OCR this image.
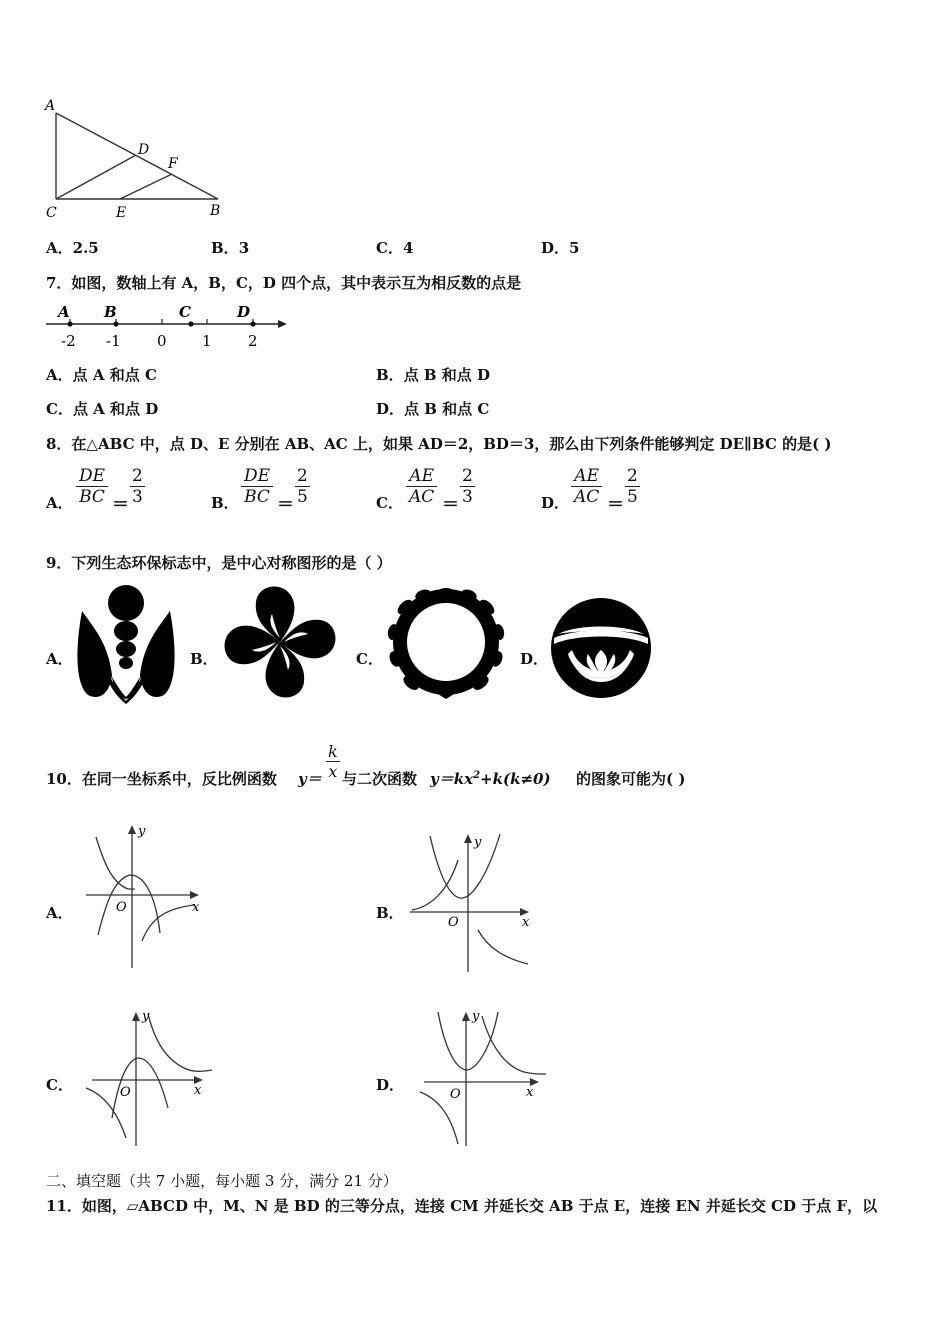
A
D
F
C	E	B
A．2.5	B．3	C．4	D．5
7．如图，数轴上有 A，B，C，D 四个点，其中表示互为相反数的点是
A B	C	D
-2 -1 0 1 2
A．点 A 和点 C	B．点 B 和点 D
C．点 A 和点 D	D．点 B 和点 C
8．在△ABC 中，点 D、E 分别在 AB、AC 上，如果 AD＝2，BD＝3，那么由下列条件能够判定 DE∥BC 的是( )
A． $\frac{DE}{BC} = \frac{2}{3}$	B． $\frac{DE}{BC} = \frac{2}{5}$	C． $\frac{AE}{AC} = \frac{2}{3}$	D． $\frac{AE}{AC} = \frac{2}{5}$
9．下列生态环保标志中，是中心对称图形的是（ ）
A．	B．	C．	D．
10．在同一坐标系中，反比例函数 $y= \frac{k}{x}$ 与二次函数 $y=kx^2+k(k\ne 0)$ 的图象可能为( )
A．
y
x
O	B．
y
x
O
C．
y
x
O	D．
y
x
O
二、填空题（共 7 小题，每小题 3 分，满分 21 分）
11．如图，▱ABCD 中，M、N 是 BD 的三等分点，连接 CM 并延长交 AB 于点 E，连接 EN 并延长交 CD 于点 F，以
